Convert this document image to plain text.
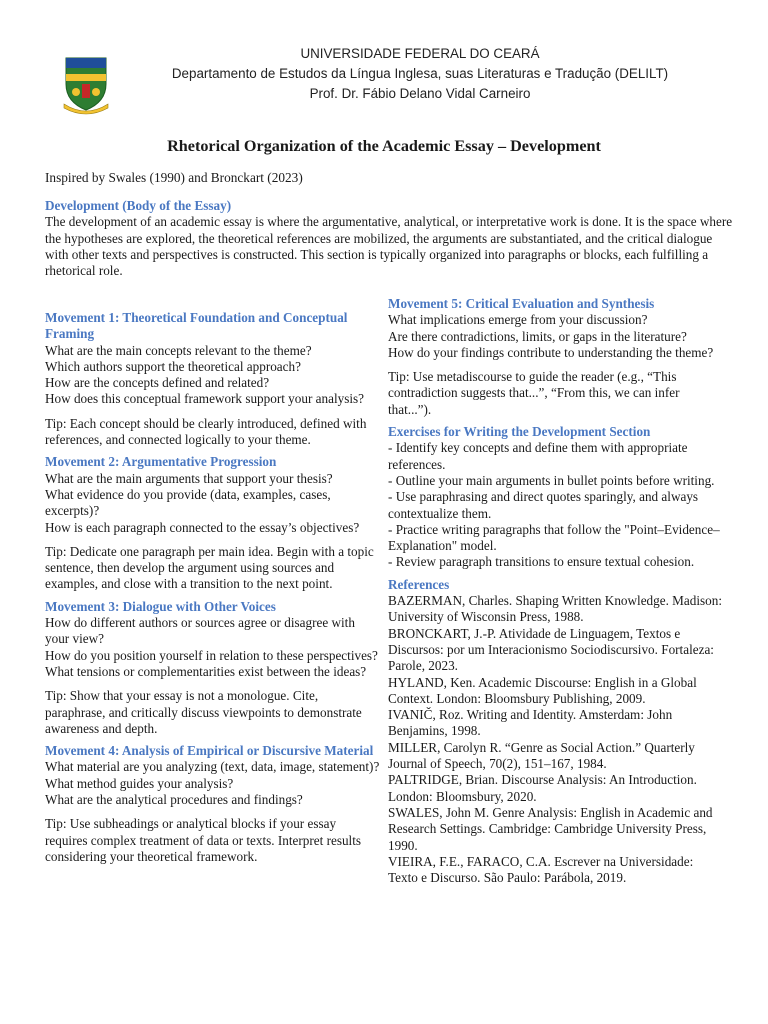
UNIVERSIDADE FEDERAL DO CEARÁ
Departamento de Estudos da Língua Inglesa, suas Literaturas e Tradução (DELILT)
Prof. Dr. Fábio Delano Vidal Carneiro
Rhetorical Organization of the Academic Essay – Development
Inspired by Swales (1990) and Bronckart (2023)
Development (Body of the Essay)

The development of an academic essay is where the argumentative, analytical, or interpretative work is done. It is the space where the hypotheses are explored, the theoretical references are mobilized, the arguments are substantiated, and the critical dialogue with other texts and perspectives is constructed. This section is typically organized into paragraphs or blocks, each fulfilling a rhetorical role.

Movement 1: Theoretical Foundation and Conceptual Framing

What are the main concepts relevant to the theme?

Which authors support the theoretical approach?

How are the concepts defined and related?

How does this conceptual framework support your analysis?

Tip: Each concept should be clearly introduced, defined with references, and connected logically to your theme.

Movement 2: Argumentative Progression

What are the main arguments that support your thesis?

What evidence do you provide (data, examples, cases, excerpts)?

How is each paragraph connected to the essay’s objectives?

Tip: Dedicate one paragraph per main idea. Begin with a topic sentence, then develop the argument using sources and examples, and close with a transition to the next point.

Movement 3: Dialogue with Other Voices

How do different authors or sources agree or disagree with your view?

How do you position yourself in relation to these perspectives?

What tensions or complementarities exist between the ideas?

Tip: Show that your essay is not a monologue. Cite, paraphrase, and critically discuss viewpoints to demonstrate awareness and depth.

Movement 4: Analysis of Empirical or Discursive Material

What material are you analyzing (text, data, image, statement)?

What method guides your analysis?

What are the analytical procedures and findings?

Tip: Use subheadings or analytical blocks if your essay requires complex treatment of data or texts. Interpret results considering your theoretical framework.

Movement 5: Critical Evaluation and Synthesis

What implications emerge from your discussion?

Are there contradictions, limits, or gaps in the literature?

How do your findings contribute to understanding the theme?

Tip: Use metadiscourse to guide the reader (e.g., “This contradiction suggests that...”, “From this, we can infer that...”).

Exercises for Writing the Development Section

- Identify key concepts and define them with appropriate references.

- Outline your main arguments in bullet points before writing.

- Use paraphrasing and direct quotes sparingly, and always contextualize them.

- Practice writing paragraphs that follow the "Point–Evidence–Explanation" model.

- Review paragraph transitions to ensure textual cohesion.

References

BAZERMAN, Charles. Shaping Written Knowledge. Madison: University of Wisconsin Press, 1988.

BRONCKART, J.-P. Atividade de Linguagem, Textos e Discursos: por um Interacionismo Sociodiscursivo. Fortaleza: Parole, 2023.

HYLAND, Ken. Academic Discourse: English in a Global Context. London: Bloomsbury Publishing, 2009.

IVANIČ, Roz. Writing and Identity. Amsterdam: John Benjamins, 1998.

MILLER, Carolyn R. “Genre as Social Action.” Quarterly Journal of Speech, 70(2), 151–167, 1984.

PALTRIDGE, Brian. Discourse Analysis: An Introduction. London: Bloomsbury, 2020.

SWALES, John M. Genre Analysis: English in Academic and Research Settings. Cambridge: Cambridge University Press, 1990.

VIEIRA, F.E., FARACO, C.A. Escrever na Universidade: Texto e Discurso. São Paulo: Parábola, 2019.
